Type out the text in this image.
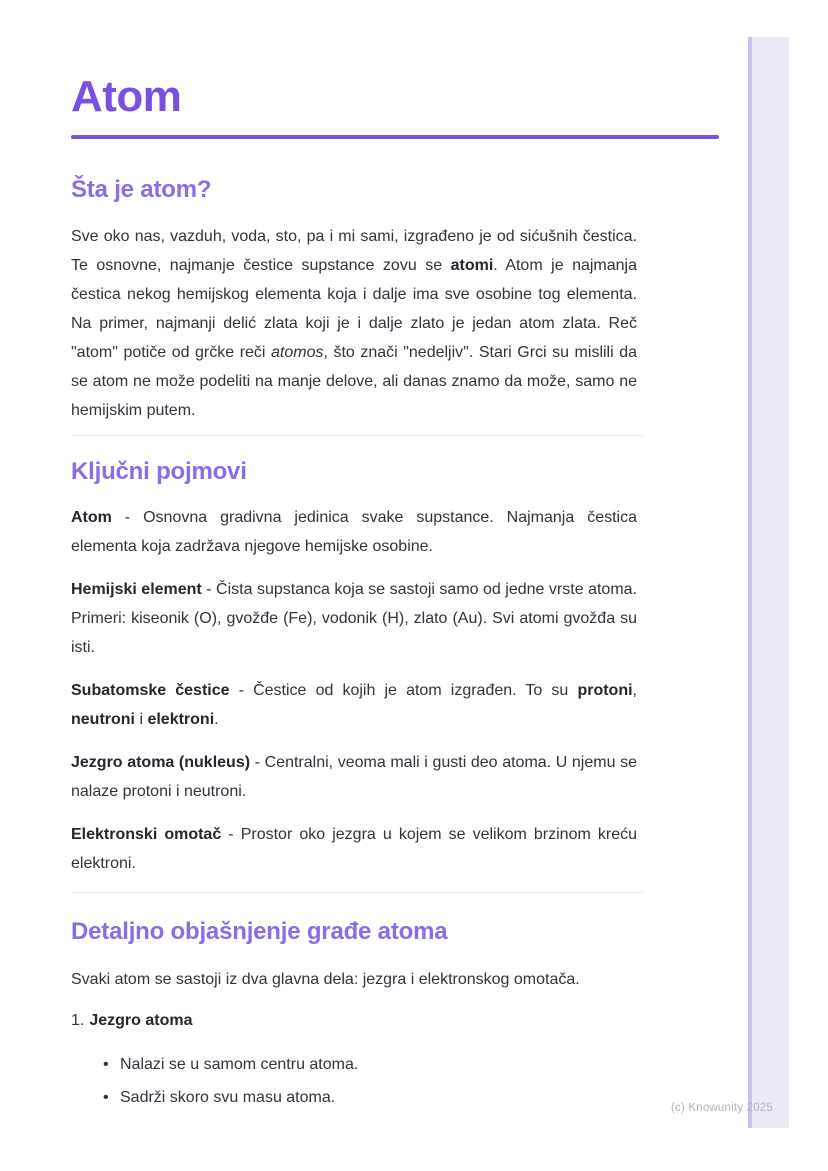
Atom
Šta je atom?

Sve oko nas, vazduh, voda, sto, pa i mi sami, izgrađeno je od sićušnih čestica. Te osnovne, najmanje čestice supstance zovu se atomi. Atom je najmanja čestica nekog hemijskog elementa koja i dalje ima sve osobine tog elementa. Na primer, najmanji delić zlata koji je i dalje zlato je jedan atom zlata. Reč "atom" potiče od grčke reči atomos, što znači "nedeljiv". Stari Grci su mislili da se atom ne može podeliti na manje delove, ali danas znamo da može, samo ne hemijskim putem.

Ključni pojmovi

Atom - Osnovna gradivna jedinica svake supstance. Najmanja čestica elementa koja zadržava njegove hemijske osobine.

Hemijski element - Čista supstanca koja se sastoji samo od jedne vrste atoma. Primeri: kiseonik (O), gvožđe (Fe), vodonik (H), zlato (Au). Svi atomi gvožđa su isti.

Subatomske čestice - Čestice od kojih je atom izgrađen. To su protoni, neutroni i elektroni.

Jezgro atoma (nukleus) - Centralni, veoma mali i gusti deo atoma. U njemu se nalaze protoni i neutroni.

Elektronski omotač - Prostor oko jezgra u kojem se velikom brzinom kreću elektroni.

Detaljno objašnjenje građe atoma

Svaki atom se sastoji iz dva glavna dela: jezgra i elektronskog omotača.

1. Jezgro atoma
• Nalazi se u samom centru atoma.
• Sadrži skoro svu masu atoma.
(c) Knowunity 2025
